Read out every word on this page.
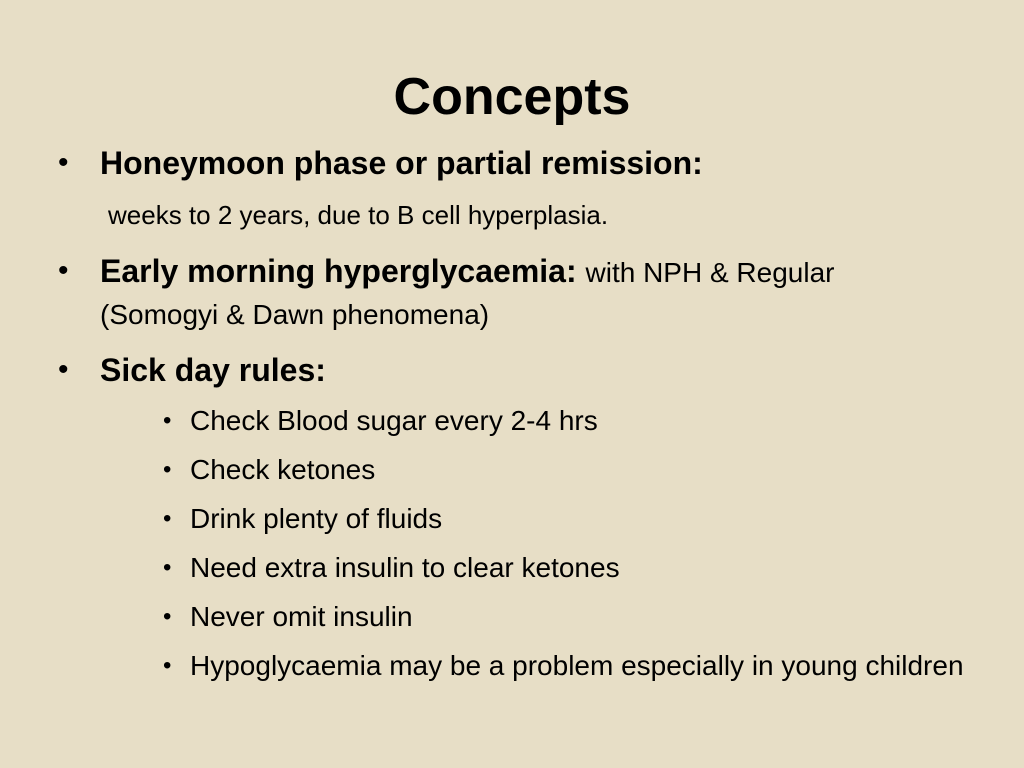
Concepts
• Honeymoon phase or partial remission:
weeks to 2 years, due to B cell hyperplasia.
• Early morning hyperglycaemia: with NPH & Regular
(Somogyi & Dawn phenomena)
• Sick day rules:
• Check Blood sugar every 2-4 hrs
• Check ketones
• Drink plenty of fluids
• Need extra insulin to clear ketones
• Never omit insulin
• Hypoglycaemia may be a problem especially in young children
